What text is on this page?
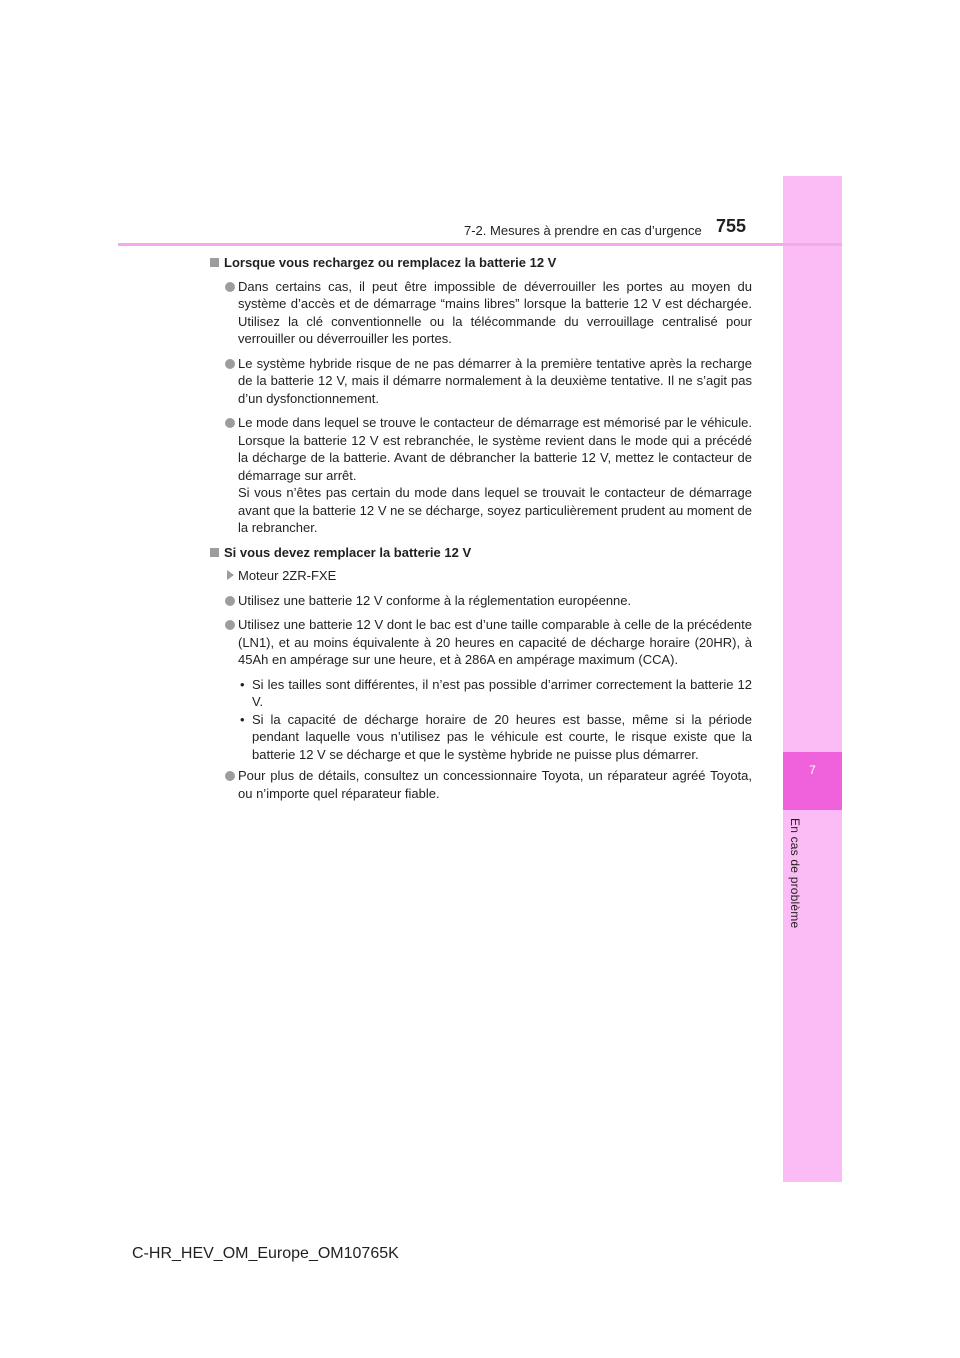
7
En cas de problème
7-2. Mesures à prendre en cas d’urgence 755
Lorsque vous rechargez ou remplacez la batterie 12 V
Dans certains cas, il peut être impossible de déverrouiller les portes au moyen du système d’accès et de démarrage “mains libres” lorsque la batterie 12 V est déchargée. Utilisez la clé conventionnelle ou la télécommande du verrouillage centralisé pour verrouiller ou déverrouiller les portes.
Le système hybride risque de ne pas démarrer à la première tentative après la recharge de la batterie 12 V, mais il démarre normalement à la deuxième tentative. Il ne s’agit pas d’un dysfonctionnement.

Le mode dans lequel se trouve le contacteur de démarrage est mémorisé par le véhicule. Lorsque la batterie 12 V est rebranchée, le système revient dans le mode qui a précédé la décharge de la batterie. Avant de débrancher la batterie 12 V, mettez le contacteur de démarrage sur arrêt.

Si vous n’êtes pas certain du mode dans lequel se trouvait le contacteur de démarrage avant que la batterie 12 V ne se décharge, soyez particulièrement prudent au moment de la rebrancher.

Si vous devez remplacer la batterie 12 V
Moteur 2ZR-FXE
Utilisez une batterie 12 V conforme à la réglementation européenne.
Utilisez une batterie 12 V dont le bac est d’une taille comparable à celle de la précédente (LN1), et au moins équivalente à 20 heures en capacité de décharge horaire (20HR), à 45Ah en ampérage sur une heure, et à 286A en ampérage maximum (CCA).
• Si les tailles sont différentes, il n’est pas possible d’arrimer correctement la batterie 12 V.
• Si la capacité de décharge horaire de 20 heures est basse, même si la période pendant laquelle vous n’utilisez pas le véhicule est courte, le risque existe que la batterie 12 V se décharge et que le système hybride ne puisse plus démarrer.
Pour plus de détails, consultez un concessionnaire Toyota, un réparateur agréé Toyota, ou n’importe quel réparateur fiable.
C-HR_HEV_OM_Europe_OM10765K
